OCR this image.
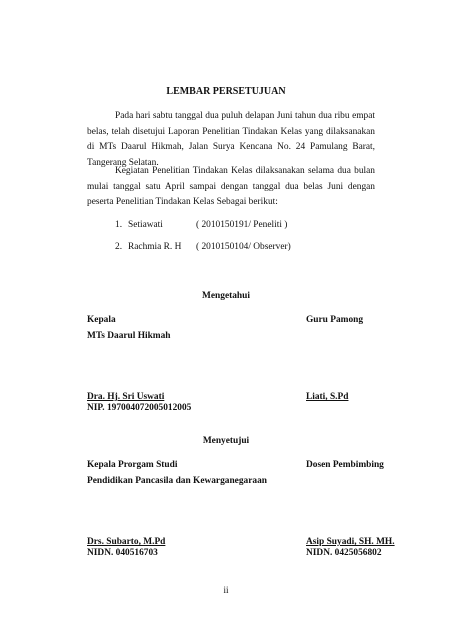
LEMBAR PERSETUJUAN
Pada hari sabtu tanggal dua puluh delapan Juni tahun dua ribu empat belas, telah disetujui Laporan Penelitian Tindakan Kelas yang dilaksanakan di MTs Daarul Hikmah, Jalan Surya Kencana No. 24 Pamulang Barat, Tangerang Selatan.
Kegiatan Penelitian Tindakan Kelas dilaksanakan selama dua bulan mulai tanggal satu April sampai dengan tanggal dua belas Juni dengan peserta Penelitian Tindakan Kelas Sebagai berikut:
1. Setiawati	( 2010150191/ Peneliti )
2. Rachmia R. H ( 2010150104/ Observer)
Mengetahui
Kepala
MTs Daarul Hikmah
Guru Pamong
Dra. Hj. Sri Uswati
NIP. 197004072005012005
Liati, S.Pd
Menyetujui
Kepala Prorgam Studi
Pendidikan Pancasila dan Kewarganegaraan
Dosen Pembimbing
Drs. Subarto, M.Pd
NIDN. 040516703
Asip Suyadi, SH. MH.
NIDN. 0425056802
ii
